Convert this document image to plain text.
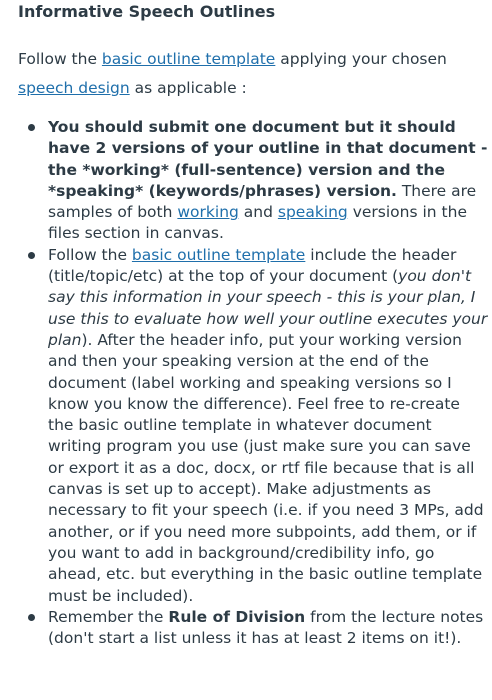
Informative Speech Outlines

Follow the basic outline template applying your chosen speech design as applicable :

You should submit one document but it should have 2 versions of your outline in that document - the *working* (full-sentence) version and the *speaking* (keywords/phrases) version. There are samples of both working and speaking versions in the files section in canvas.
Follow the basic outline template include the header (title/topic/etc) at the top of your document (you don't say this information in your speech - this is your plan, I use this to evaluate how well your outline executes your plan). After the header info, put your working version and then your speaking version at the end of the document (label working and speaking versions so I know you know the difference). Feel free to re-create the basic outline template in whatever document writing program you use (just make sure you can save or export it as a doc, docx, or rtf file because that is all canvas is set up to accept). Make adjustments as necessary to fit your speech (i.e. if you need 3 MPs, add another, or if you need more subpoints, add them, or if you want to add in background/credibility info, go ahead, etc. but everything in the basic outline template must be included).
Remember the Rule of Division from the lecture notes (don't start a list unless it has at least 2 items on it!).
